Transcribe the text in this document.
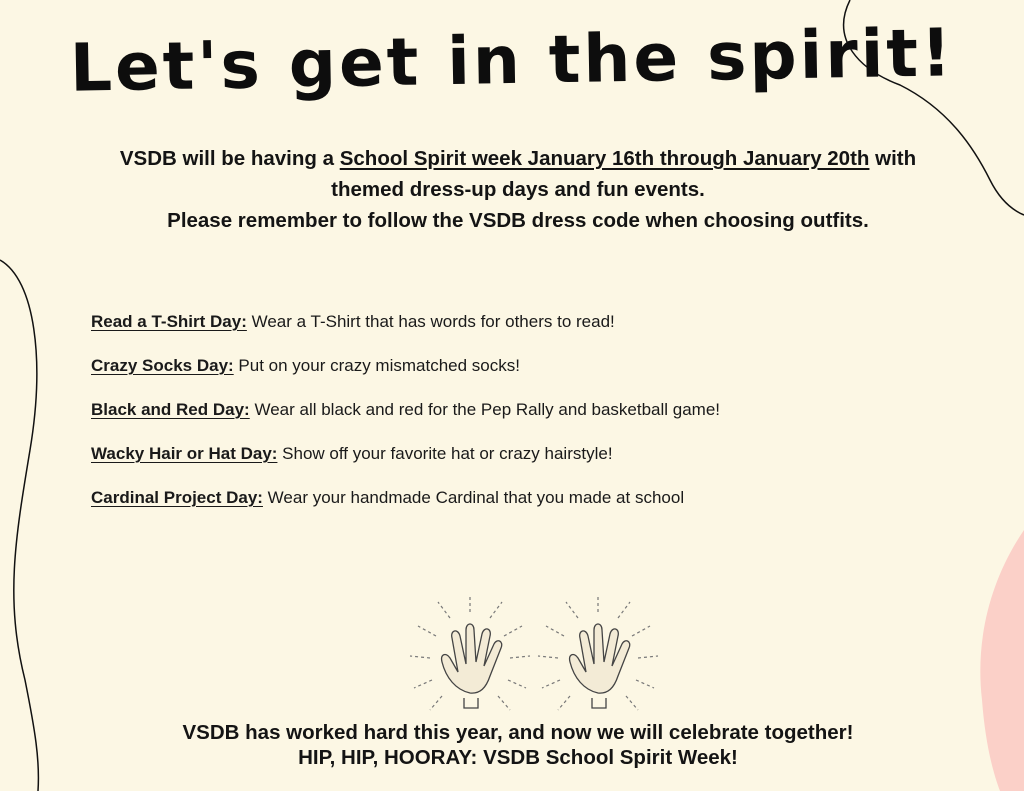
Let's get in the spirit!
VSDB will be having a School Spirit week January 16th through January 20th with themed dress-up days and fun events.
Please remember to follow the VSDB dress code when choosing outfits.
Read a T-Shirt Day: Wear a T-Shirt that has words for others to read!
Crazy Socks Day: Put on your crazy mismatched socks!
Black and Red Day: Wear all black and red for the Pep Rally and basketball game!
Wacky Hair or Hat Day: Show off your favorite hat or crazy hairstyle!
Cardinal Project Day: Wear your handmade Cardinal that you made at school
VSDB has worked hard this year, and now we will celebrate together!
HIP, HIP, HOORAY: VSDB School Spirit Week!
